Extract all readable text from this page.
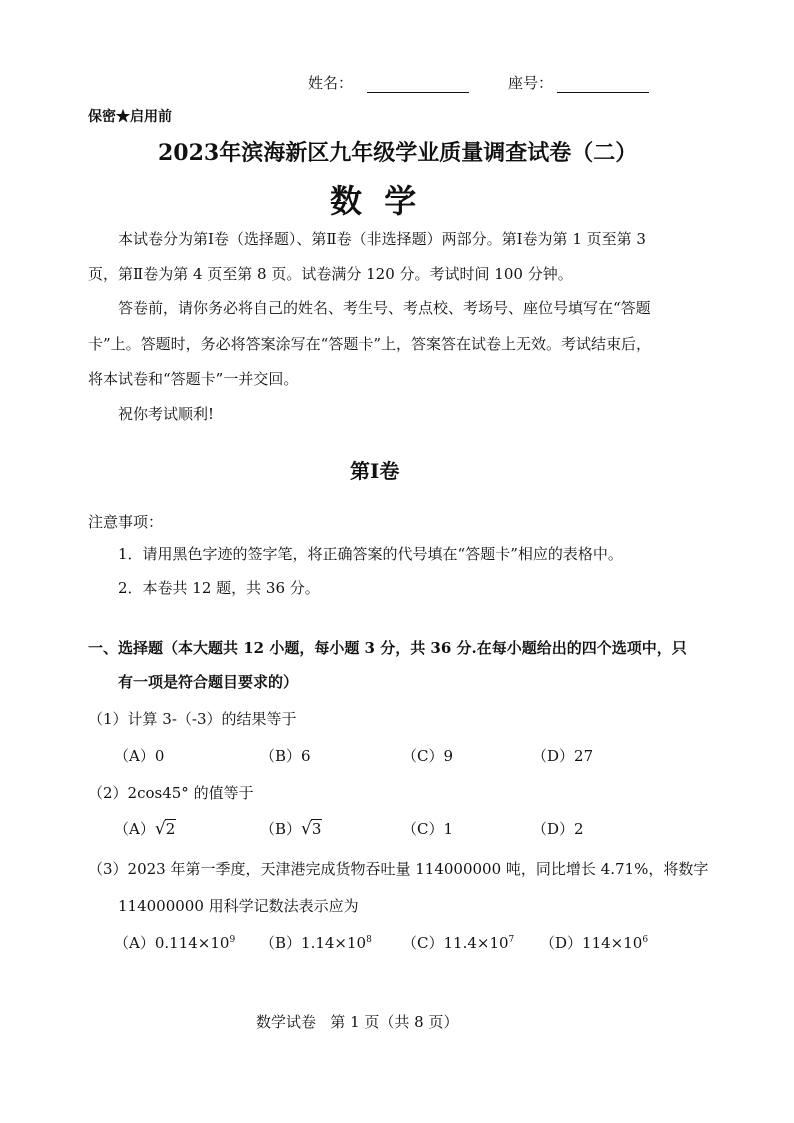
姓名：	座号：
保密★启用前
2023年滨海新区九年级学业质量调查试卷（二）
数  学
本试卷分为第Ⅰ卷（选择题）、第Ⅱ卷（非选择题）两部分。第Ⅰ卷为第 1 页至第 3
页，第Ⅱ卷为第 4 页至第 8 页。试卷满分 120 分。考试时间 100 分钟。
答卷前，请你务必将自己的姓名、考生号、考点校、考场号、座位号填写在“答题
卡”上。答题时，务必将答案涂写在“答题卡”上，答案答在试卷上无效。考试结束后，
将本试卷和“答题卡”一并交回。
祝你考试顺利!
第Ⅰ卷
注意事项：
1．请用黑色字迹的签字笔，将正确答案的代号填在“答题卡”相应的表格中。
2．本卷共 12 题，共 36 分。
一、选择题（本大题共 12 小题，每小题 3 分，共 36 分.在每小题给出的四个选项中，只
有一项是符合题目要求的）
（1）计算 3-（-3）的结果等于
（A）0	（B）6	（C）9	（D）27
（2）2cos45° 的值等于
（A）√2	（B）√3	（C）1	（D）2
（3）2023 年第一季度，天津港完成货物吞吐量 114000000 吨，同比增长 4.71%，将数字
114000000 用科学记数法表示应为
$(A)0.114\times 10^9$ $(B)1.14\times 10^8$ $(C)11.4\times 10^7$ $(D)114\times 10^6$
数学试卷   第 1 页（共 8 页）
